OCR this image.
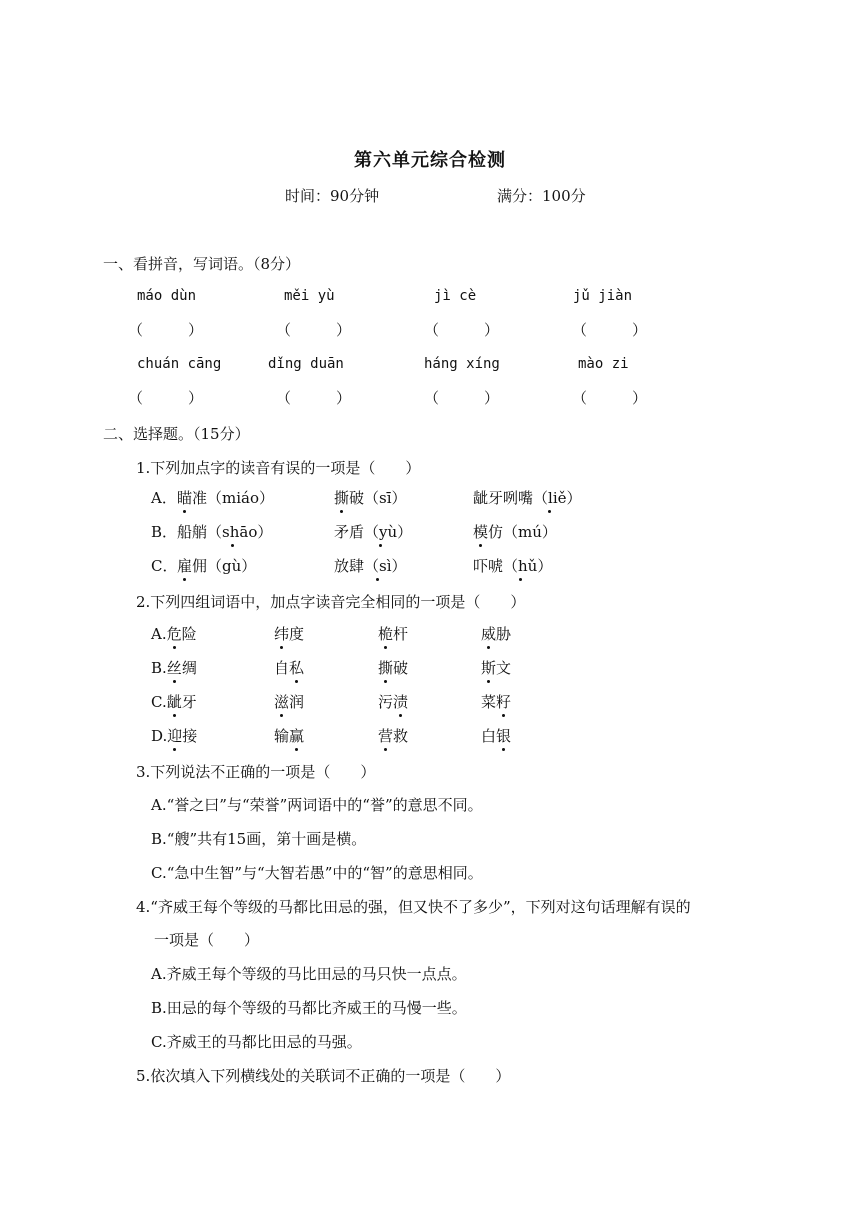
第六单元综合检测
时间：90分钟	满分：100分
一、看拼音，写词语。（8分）
máo dùn	měi yù	jì cè	jǔ jiàn
（　　　）	（　　　）	（　　　）	（　　　）
chuán cāng	dǐng duān	háng xíng	mào zi
（　　　）	（　　　）	（　　　）	（　　　）
二、选择题。（15分）
1.下列加点字的读音有误的一项是（　　）
A． 瞄准（miáo）	撕破（sī）	龇牙咧嘴（liě）
B． 船艄（shāo）	矛盾（yù）	模仿（mú）
C． 雇佣（gù）	放肆（sì）	吓唬（hǔ）
2.下列四组词语中，加点字读音完全相同的一项是（　　）
A.危险	纬度	桅杆	威胁
B.丝绸	自私	撕破	斯文
C.龇牙	滋润	污渍	菜籽
D.迎接	输赢	营救	白银
3.下列说法不正确的一项是（　　）
A.“誉之曰”与“荣誉”两词语中的“誉”的意思不同。
B.“艘”共有15画，第十画是横。
C.“急中生智”与“大智若愚”中的“智”的意思相同。
4.“齐威王每个等级的马都比田忌的强，但又快不了多少”，下列对这句话理解有误的
一项是（　　）
A.齐威王每个等级的马比田忌的马只快一点点。
B.田忌的每个等级的马都比齐威王的马慢一些。
C.齐威王的马都比田忌的马强。
5.依次填入下列横线处的关联词不正确的一项是（　　）
